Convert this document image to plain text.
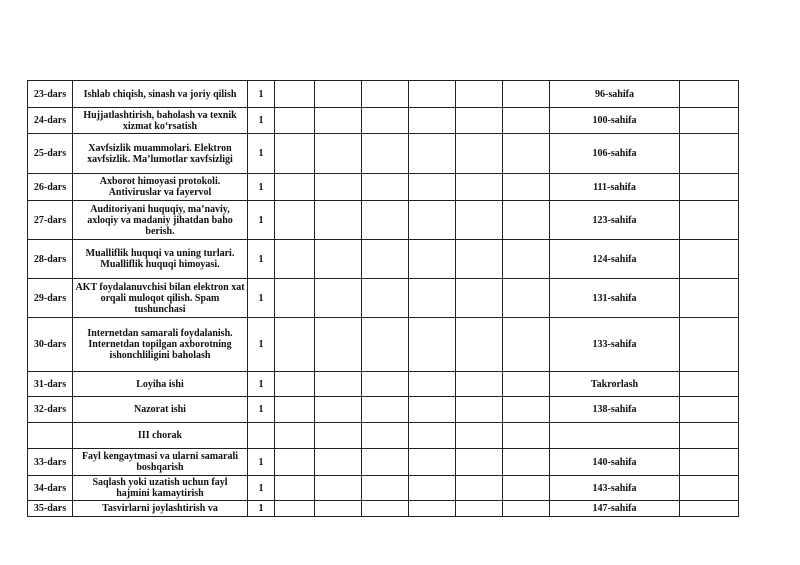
23-dars	Ishlab chiqish, sinash va joriy qilish	1							96-sahifa	
24-dars	Hujjatlashtirish, baholash va texnik xizmat ko‘rsatish	1							100-sahifa	
25-dars	Xavfsizlik muammolari. Elektron xavfsizlik. Ma’lumotlar xavfsizligi	1							106-sahifa	
26-dars	Axborot himoyasi protokoli. Antiviruslar va fayervol	1							111-sahifa	
27-dars	Auditoriyani huquqiy, ma’naviy, axloqiy va madaniy jihatdan baho berish.	1							123-sahifa	
28-dars	Mualliflik huquqi va uning turlari. Mualliflik huquqi himoyasi.	1							124-sahifa	
29-dars	AKT foydalanuvchisi bilan elektron xat orqali muloqot qilish. Spam tushunchasi	1							131-sahifa	
30-dars	Internetdan samarali foydalanish. Internetdan topilgan axborotning ishonchliligini baholash	1							133-sahifa	
31-dars	Loyiha ishi	1							Takrorlash	
32-dars	Nazorat ishi	1							138-sahifa	
	III chorak									
33-dars	Fayl kengaytmasi va ularni samarali boshqarish	1							140-sahifa	
34-dars	Saqlash yoki uzatish uchun fayl hajmini kamaytirish	1							143-sahifa	
35-dars	Tasvirlarni joylashtirish va	1							147-sahifa	
